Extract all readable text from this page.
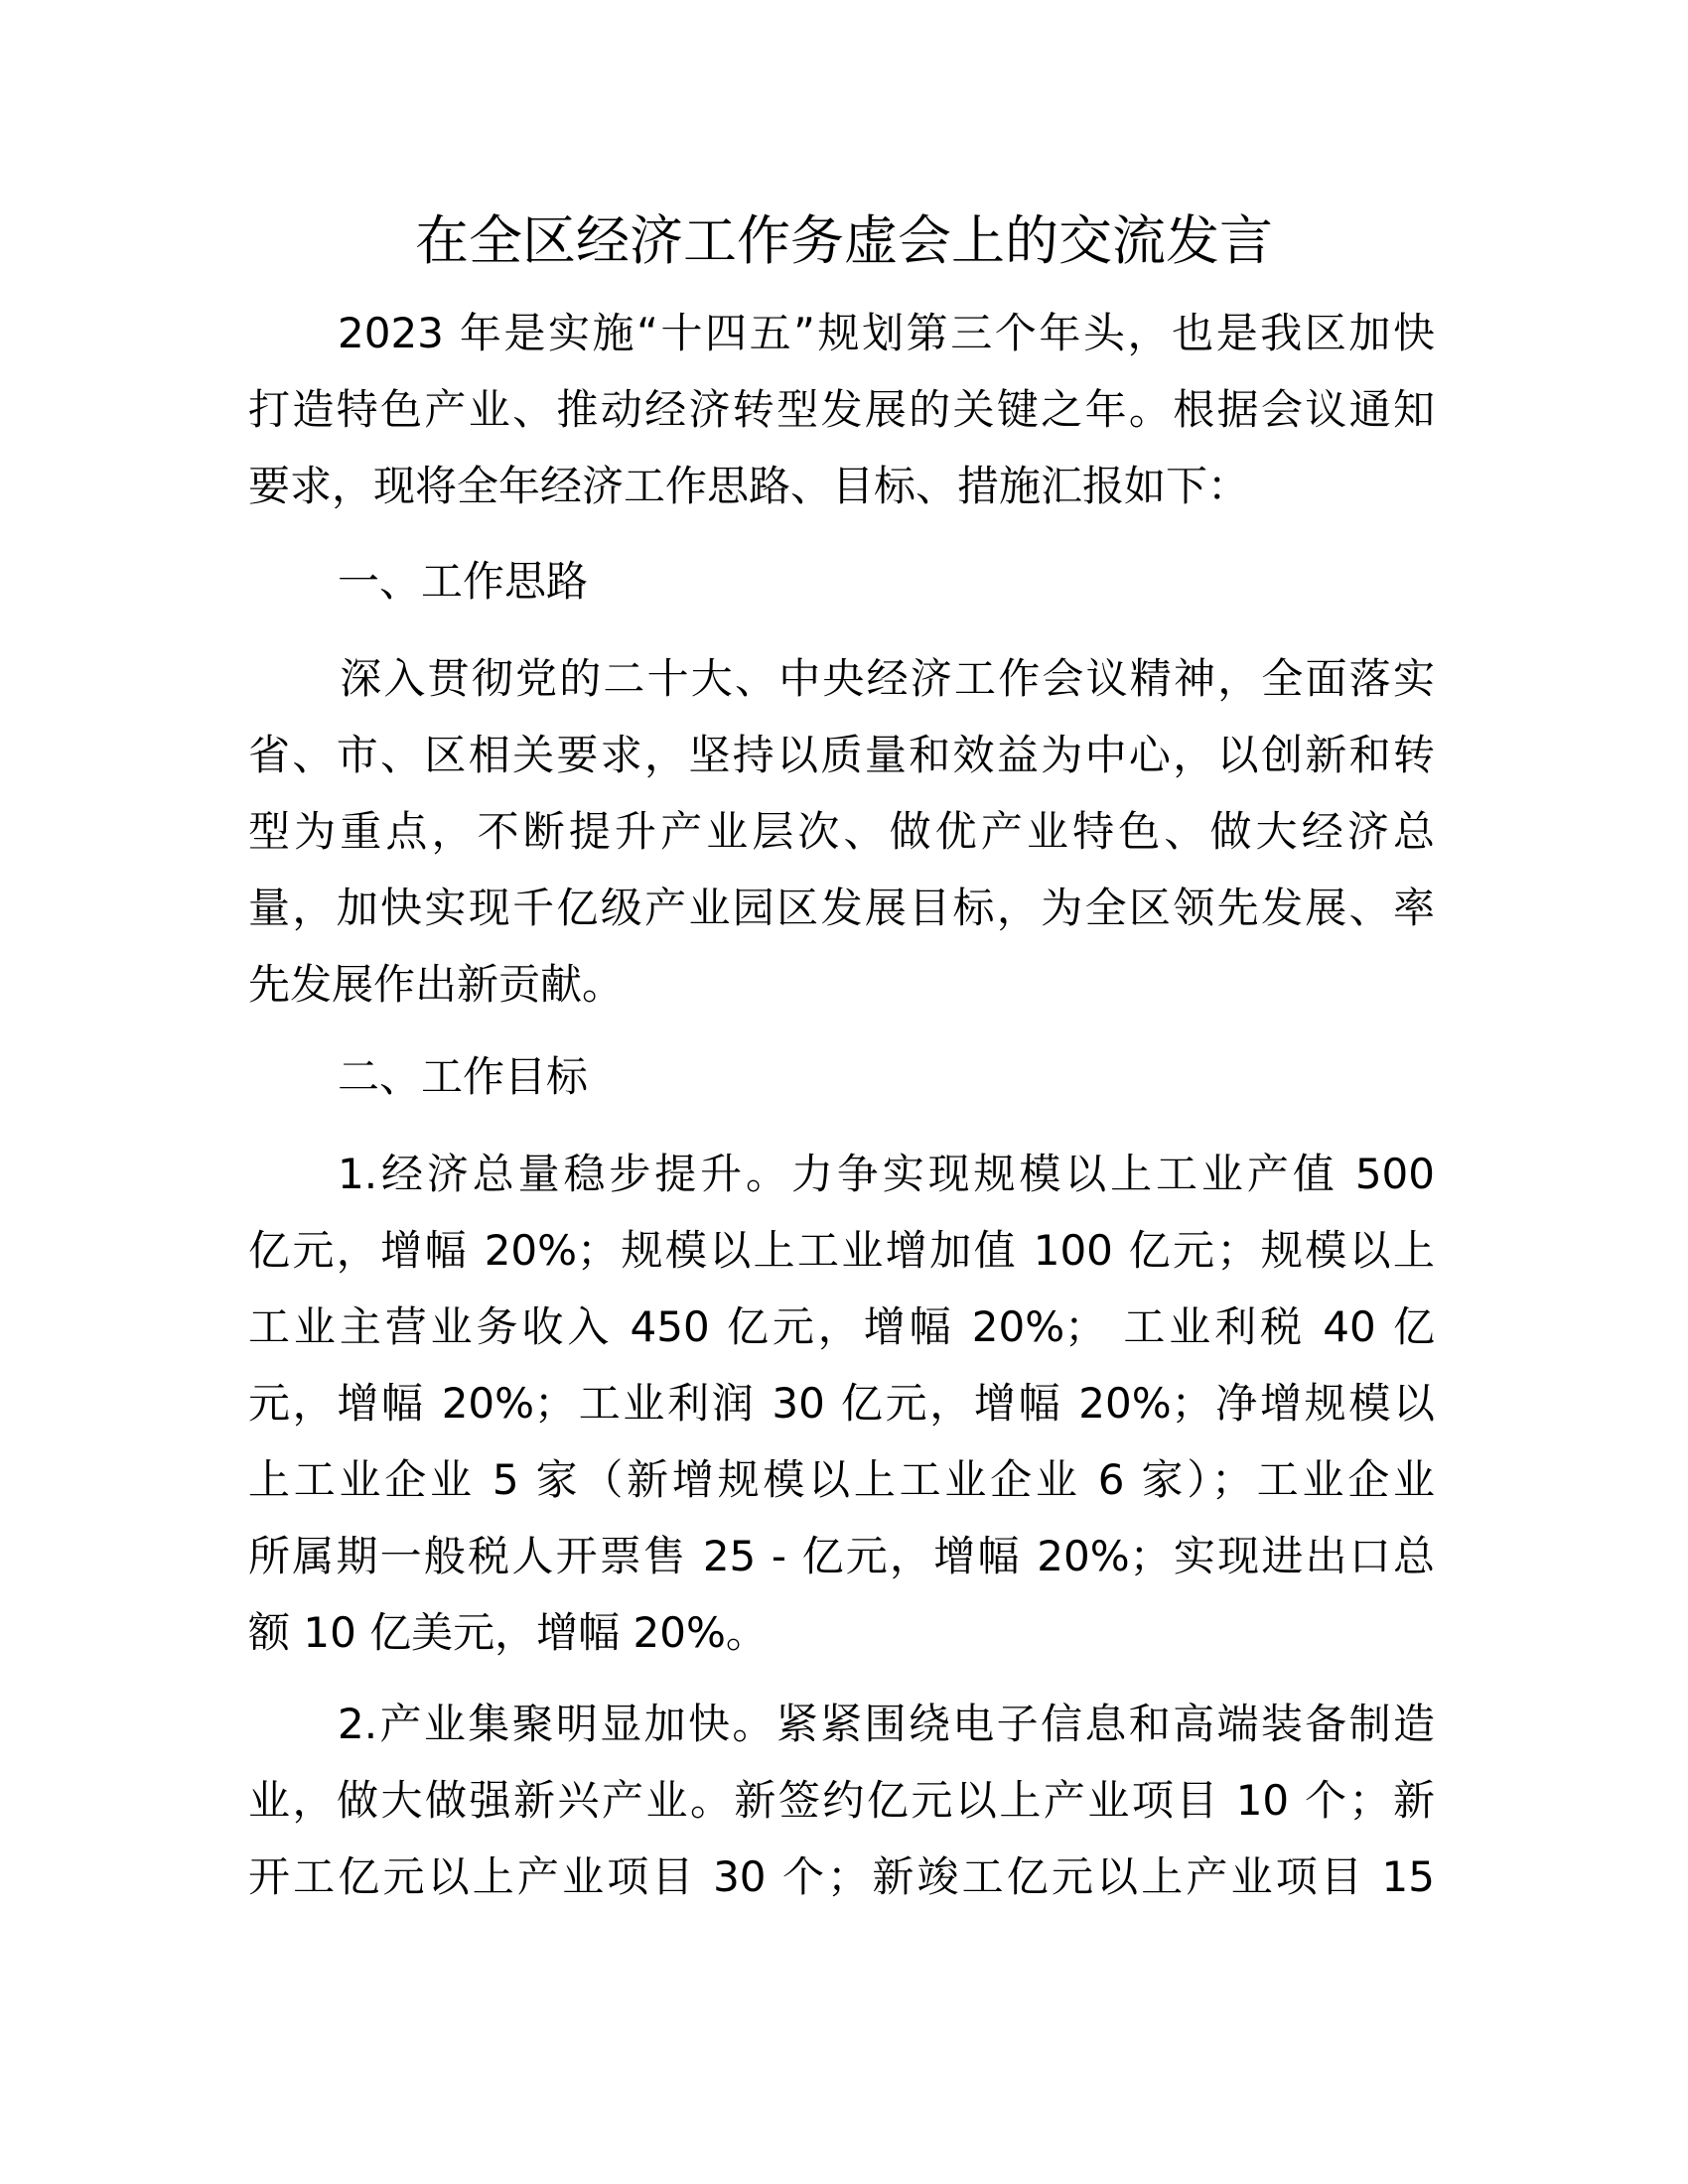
在全区经济工作务虚会上的交流发言
2023 年是实施“十四五”规划第三个年头，也是我区加快
打造特色产业、推动经济转型发展的关键之年。根据会议通知
要求，现将全年经济工作思路、目标、措施汇报如下：
一、工作思路
深入贯彻党的二十大、中央经济工作会议精神，全面落实
省、市、区相关要求，坚持以质量和效益为中心，以创新和转
型为重点，不断提升产业层次、做优产业特色、做大经济总
量，加快实现千亿级产业园区发展目标，为全区领先发展、率
先发展作出新贡献。
二、工作目标
1.经济总量稳步提升。力争实现规模以上工业产值 500
亿元，增幅 20%；规模以上工业增加值 100 亿元；规模以上
工业主营业务收入 450 亿元，增幅 20%； 工业利税 40 亿
元，增幅 20%；工业利润 30 亿元，增幅 20%；净增规模以
上工业企业 5 家（新增规模以上工业企业 6 家）；工业企业
所属期一般税人开票售 25 - 亿元，增幅 20%；实现进出口总
额 10 亿美元，增幅 20%。
2.产业集聚明显加快。紧紧围绕电子信息和高端装备制造
业，做大做强新兴产业。新签约亿元以上产业项目 10 个；新
开工亿元以上产业项目 30 个；新竣工亿元以上产业项目 15
